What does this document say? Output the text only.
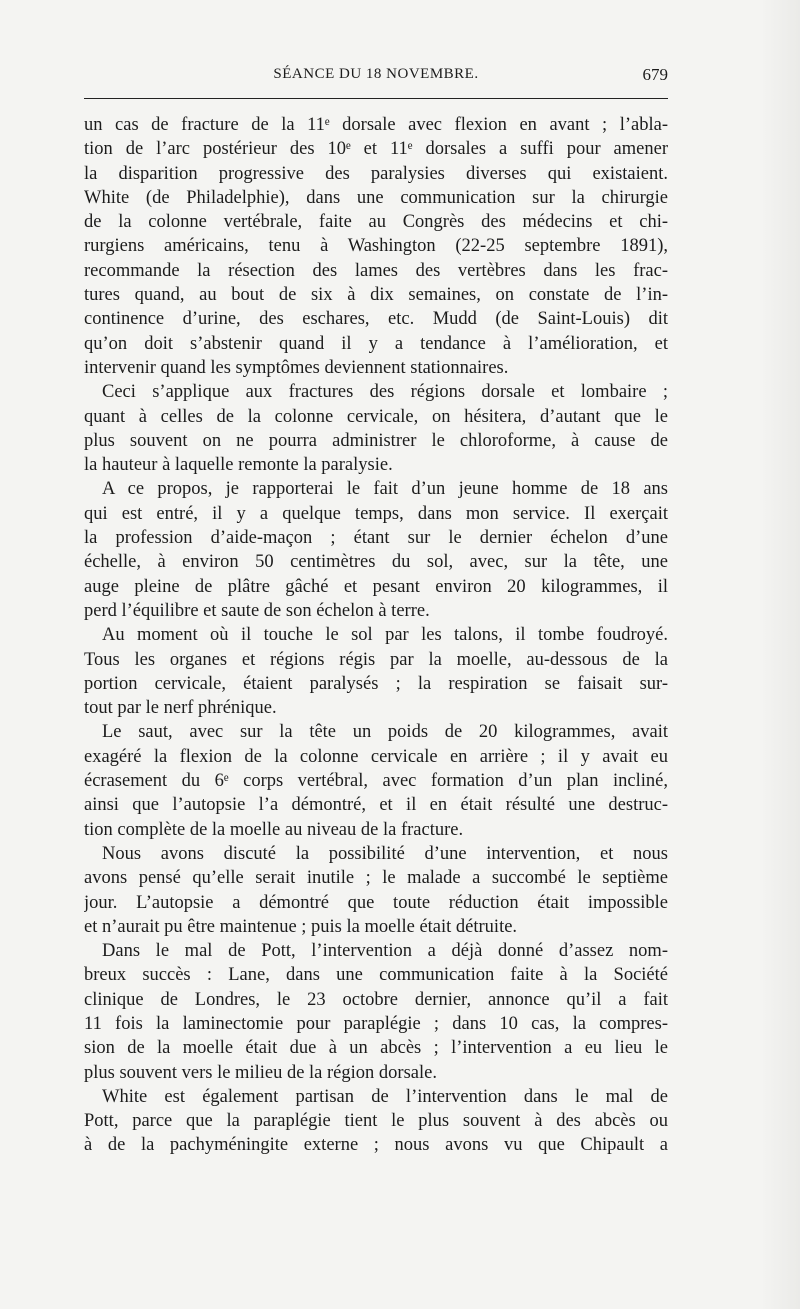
SÉANCE DU 18 NOVEMBRE.	679
un cas de fracture de la 11ᵉ dorsale avec flexion en avant ; l’abla-
tion de l’arc postérieur des 10ᵉ et 11ᵉ dorsales a suffi pour amener
la disparition progressive des paralysies diverses qui existaient.
White (de Philadelphie), dans une communication sur la chirurgie
de la colonne vertébrale, faite au Congrès des médecins et chi-
rurgiens américains, tenu à Washington (22-25 septembre 1891),
recommande la résection des lames des vertèbres dans les frac-
tures quand, au bout de six à dix semaines, on constate de l’in-
continence d’urine, des eschares, etc. Mudd (de Saint-Louis) dit
qu’on doit s’abstenir quand il y a tendance à l’amélioration, et
intervenir quand les symptômes deviennent stationnaires.
Ceci s’applique aux fractures des régions dorsale et lombaire ;
quant à celles de la colonne cervicale, on hésitera, d’autant que le
plus souvent on ne pourra administrer le chloroforme, à cause de
la hauteur à laquelle remonte la paralysie.
A ce propos, je rapporterai le fait d’un jeune homme de 18 ans
qui est entré, il y a quelque temps, dans mon service. Il exerçait
la profession d’aide-maçon ; étant sur le dernier échelon d’une
échelle, à environ 50 centimètres du sol, avec, sur la tête, une
auge pleine de plâtre gâché et pesant environ 20 kilogrammes, il
perd l’équilibre et saute de son échelon à terre.
Au moment où il touche le sol par les talons, il tombe foudroyé.
Tous les organes et régions régis par la moelle, au-dessous de la
portion cervicale, étaient paralysés ; la respiration se faisait sur-
tout par le nerf phrénique.
Le saut, avec sur la tête un poids de 20 kilogrammes, avait
exagéré la flexion de la colonne cervicale en arrière ; il y avait eu
écrasement du 6ᵉ corps vertébral, avec formation d’un plan incliné,
ainsi que l’autopsie l’a démontré, et il en était résulté une destruc-
tion complète de la moelle au niveau de la fracture.
Nous avons discuté la possibilité d’une intervention, et nous
avons pensé qu’elle serait inutile ; le malade a succombé le septième
jour. L’autopsie a démontré que toute réduction était impossible
et n’aurait pu être maintenue ; puis la moelle était détruite.
Dans le mal de Pott, l’intervention a déjà donné d’assez nom-
breux succès : Lane, dans une communication faite à la Société
clinique de Londres, le 23 octobre dernier, annonce qu’il a fait
11 fois la laminectomie pour paraplégie ; dans 10 cas, la compres-
sion de la moelle était due à un abcès ; l’intervention a eu lieu le
plus souvent vers le milieu de la région dorsale.
White est également partisan de l’intervention dans le mal de
Pott, parce que la paraplégie tient le plus souvent à des abcès ou
à de la pachyméningite externe ; nous avons vu que Chipault a
